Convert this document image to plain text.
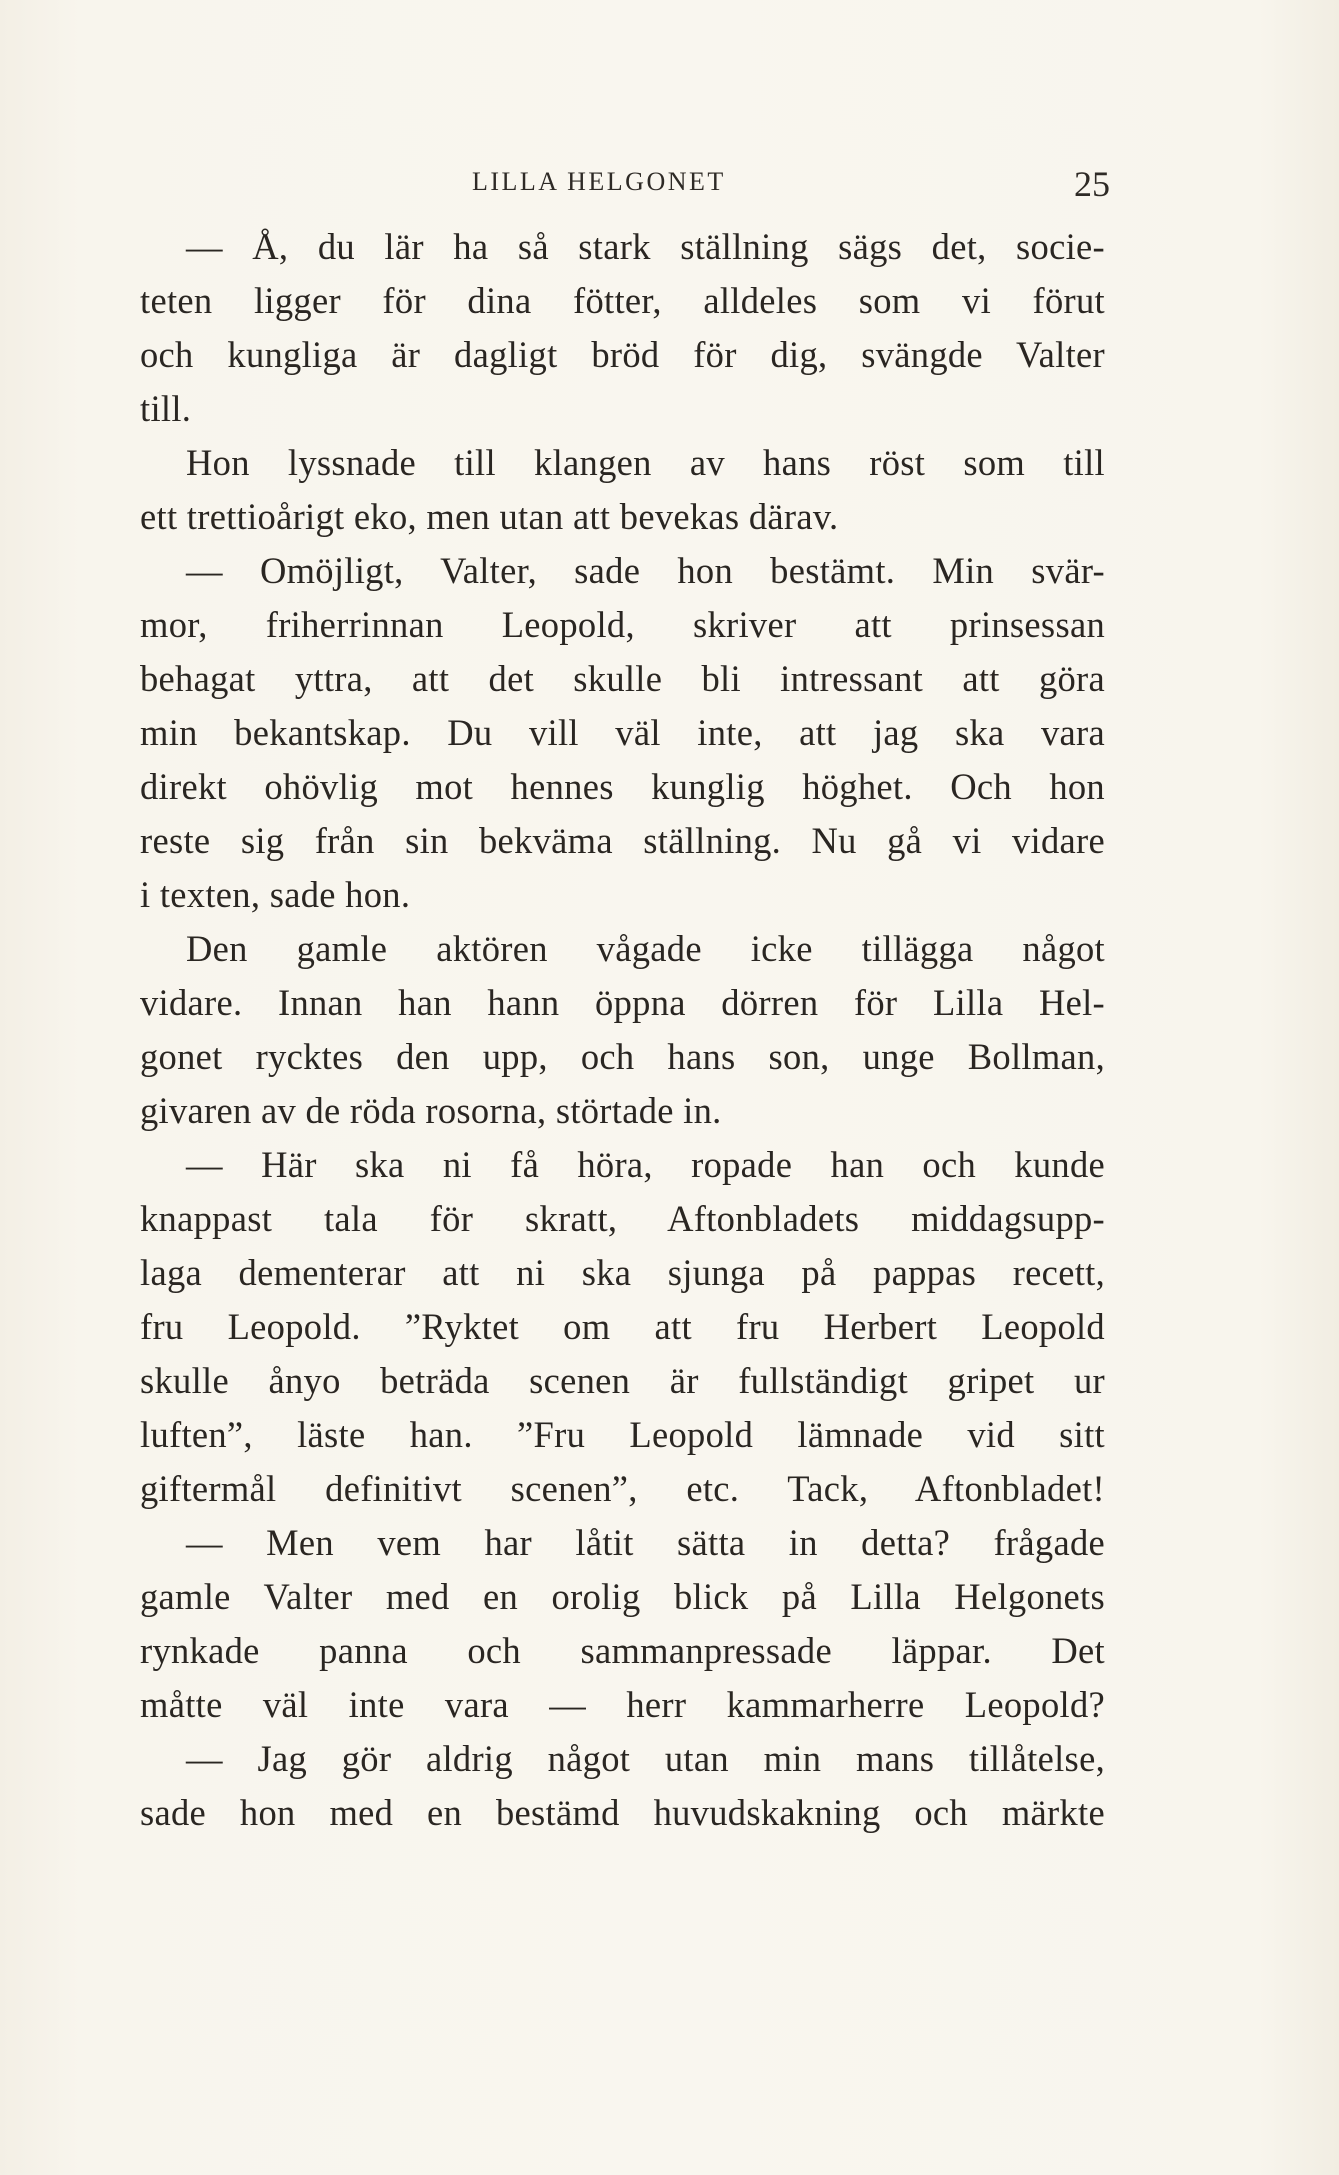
LILLA HELGONET	25
— Å, du lär ha så stark ställning sägs det, socie-
teten ligger för dina fötter, alldeles som vi förut
och kungliga är dagligt bröd för dig, svängde Valter
till.
Hon lyssnade till klangen av hans röst som till
ett trettioårigt eko, men utan att bevekas därav.
— Omöjligt, Valter, sade hon bestämt. Min svär-
mor, friherrinnan Leopold, skriver att prinsessan
behagat yttra, att det skulle bli intressant att göra
min bekantskap. Du vill väl inte, att jag ska vara
direkt ohövlig mot hennes kunglig höghet. Och hon
reste sig från sin bekväma ställning. Nu gå vi vidare
i texten, sade hon.
Den gamle aktören vågade icke tillägga något
vidare. Innan han hann öppna dörren för Lilla Hel-
gonet rycktes den upp, och hans son, unge Bollman,
givaren av de röda rosorna, störtade in.
— Här ska ni få höra, ropade han och kunde
knappast tala för skratt, Aftonbladets middagsupp-
laga dementerar att ni ska sjunga på pappas recett,
fru Leopold. ”Ryktet om att fru Herbert Leopold
skulle ånyo beträda scenen är fullständigt gripet ur
luften”, läste han. ”Fru Leopold lämnade vid sitt
giftermål definitivt scenen”, etc. Tack, Aftonbladet!
— Men vem har låtit sätta in detta? frågade
gamle Valter med en orolig blick på Lilla Helgonets
rynkade panna och sammanpressade läppar. Det
måtte väl inte vara — herr kammarherre Leopold?
— Jag gör aldrig något utan min mans tillåtelse,
sade hon med en bestämd huvudskakning och märkte
